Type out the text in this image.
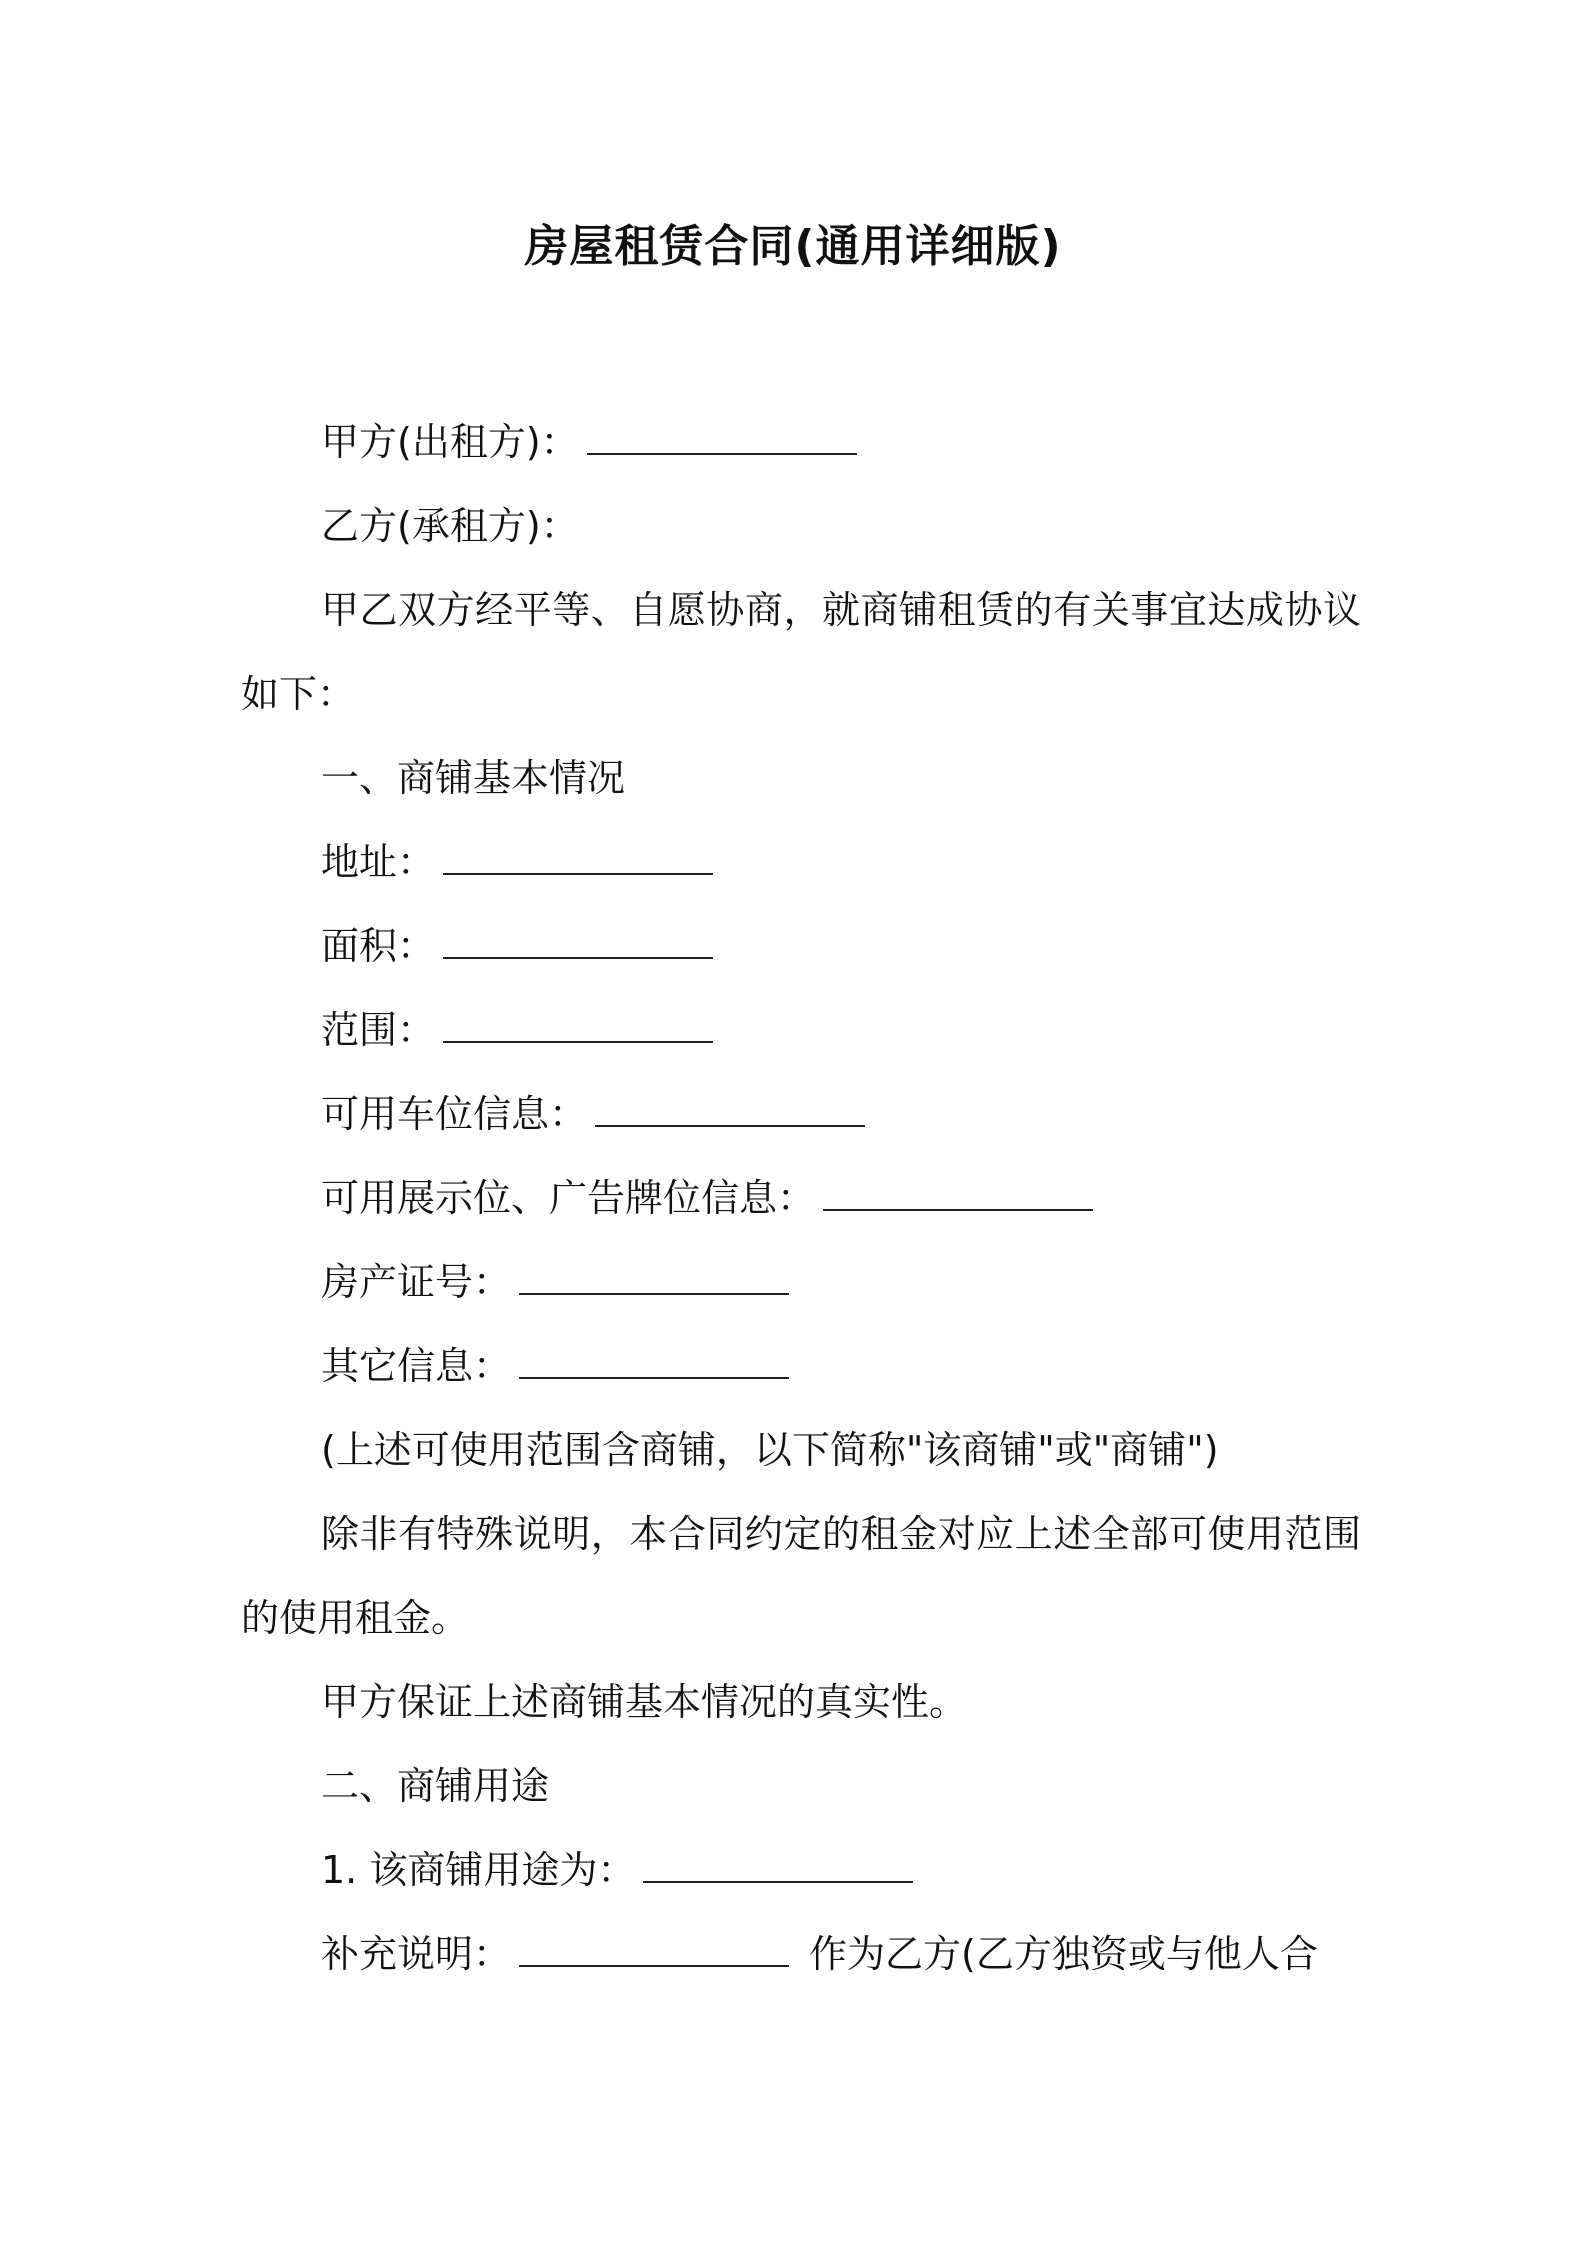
房屋租赁合同(通用详细版)

甲方(出租方)：

乙方(承租方)：

甲乙双方经平等、自愿协商，就商铺租赁的有关事宜达成协议如下：

一、商铺基本情况

地址：

面积：

范围：

可用车位信息：

可用展示位、广告牌位信息：

房产证号：

其它信息：

(上述可使用范围含商铺，以下简称"该商铺"或"商铺")

除非有特殊说明，本合同约定的租金对应上述全部可使用范围的使用租金。

甲方保证上述商铺基本情况的真实性。

二、商铺用途

1. 该商铺用途为：

补充说明：	作为乙方(乙方独资或与他人合
